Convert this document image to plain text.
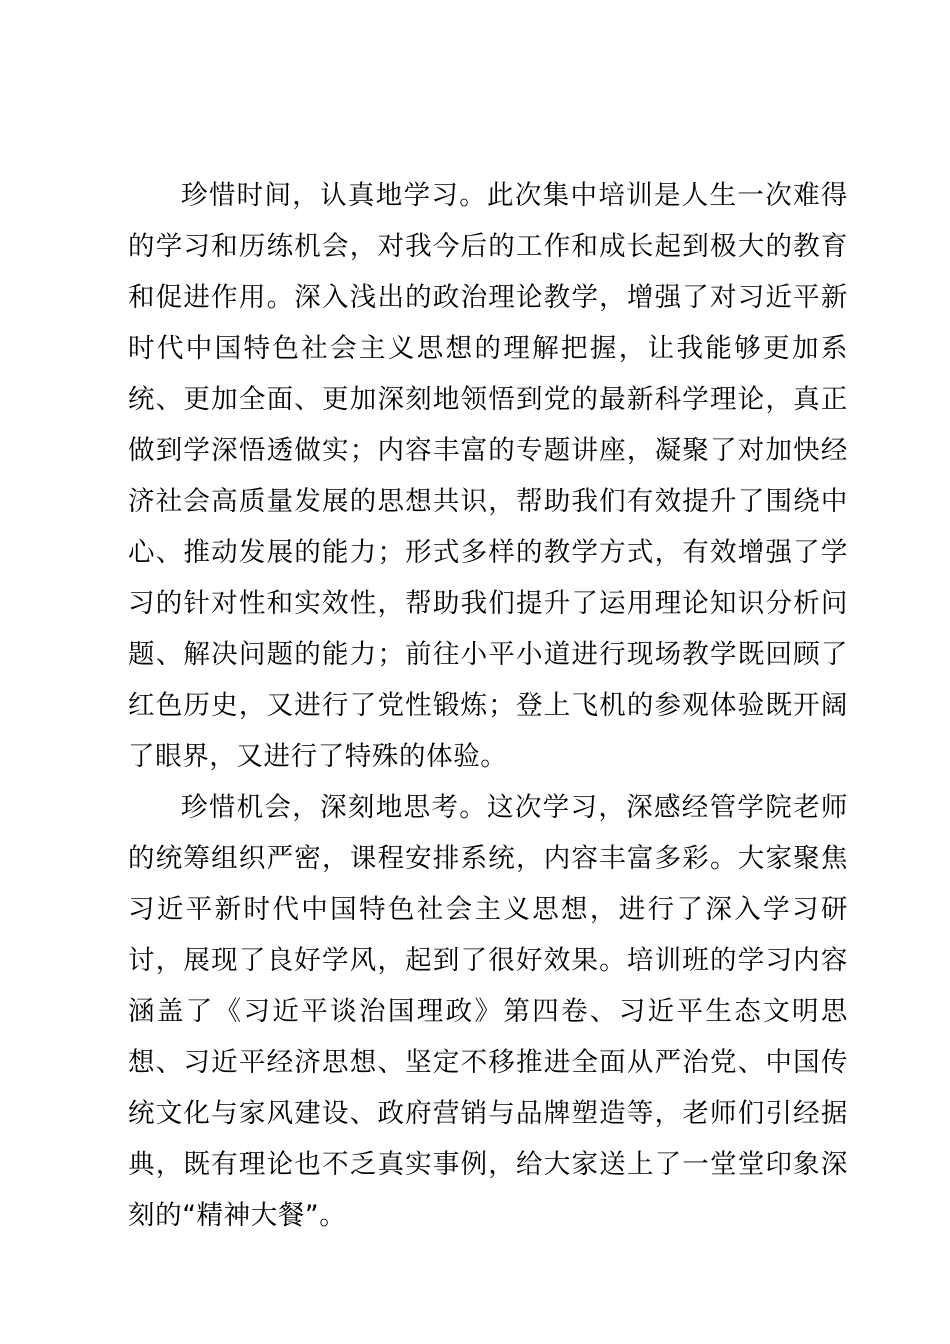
珍惜时间，认真地学习。此次集中培训是人生一次难得的学习和历练机会，对我今后的工作和成长起到极大的教育和促进作用。深入浅出的政治理论教学，增强了对习近平新时代中国特色社会主义思想的理解把握，让我能够更加系统、更加全面、更加深刻地领悟到党的最新科学理论，真正做到学深悟透做实；内容丰富的专题讲座，凝聚了对加快经济社会高质量发展的思想共识，帮助我们有效提升了围绕中心、推动发展的能力；形式多样的教学方式，有效增强了学习的针对性和实效性，帮助我们提升了运用理论知识分析问题、解决问题的能力；前往小平小道进行现场教学既回顾了红色历史，又进行了党性锻炼；登上飞机的参观体验既开阔了眼界，又进行了特殊的体验。

珍惜机会，深刻地思考。这次学习，深感经管学院老师的统筹组织严密，课程安排系统，内容丰富多彩。大家聚焦习近平新时代中国特色社会主义思想，进行了深入学习研讨，展现了良好学风，起到了很好效果。培训班的学习内容涵盖了《习近平谈治国理政》第四卷、习近平生态文明思想、习近平经济思想、坚定不移推进全面从严治党、中国传统文化与家风建设、政府营销与品牌塑造等，老师们引经据典，既有理论也不乏真实事例，给大家送上了一堂堂印象深刻的“精神大餐”。
